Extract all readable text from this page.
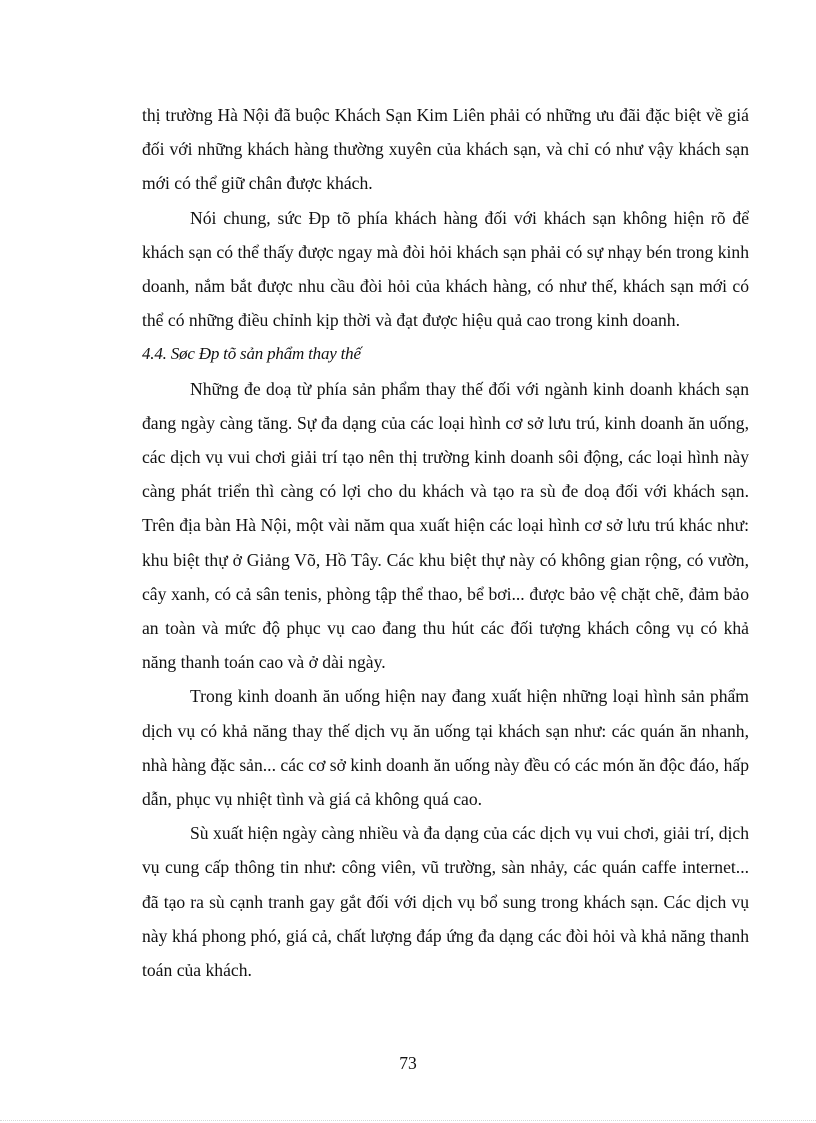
thị trường Hà Nội đã buộc Khách Sạn Kim Liên phải có những ưu đãi đặc biệt về giá đối với những khách hàng thường xuyên của khách sạn, và chỉ có như vậy khách sạn mới có thể giữ chân được khách.

Nói chung, sức Đp tõ phía khách hàng đối với khách sạn không hiện rõ để khách sạn có thể thấy được ngay mà đòi hỏi khách sạn phải có sự nhạy bén trong kinh doanh, nắm bắt được nhu cầu đòi hỏi của khách hàng, có như thế, khách sạn mới có thể có những điều chỉnh kịp thời và đạt được hiệu quả cao trong kinh doanh.

4.4. Søc Ðp tõ sản phẩm thay thế

Những đe doạ từ phía sản phẩm thay thế đối với ngành kinh doanh khách sạn đang ngày càng tăng. Sự đa dạng của các loại hình cơ sở lưu trú, kinh doanh ăn uống, các dịch vụ vui chơi giải trí tạo nên thị trường kinh doanh sôi động, các loại hình này càng phát triển thì càng có lợi cho du khách và tạo ra sù đe doạ đối với khách sạn. Trên địa bàn Hà Nội, một vài năm qua xuất hiện các loại hình cơ sở lưu trú khác như: khu biệt thự ở Giảng Võ, Hồ Tây. Các khu biệt thự này có không gian rộng, có vườn, cây xanh, có cả sân tenis, phòng tập thể thao, bể bơi... được bảo vệ chặt chẽ, đảm bảo an toàn và mức độ phục vụ cao đang thu hút các đối tượng khách công vụ có khả năng thanh toán cao và ở dài ngày.

Trong kinh doanh ăn uống hiện nay đang xuất hiện những loại hình sản phẩm dịch vụ có khả năng thay thế dịch vụ ăn uống tại khách sạn như: các quán ăn nhanh, nhà hàng đặc sản... các cơ sở kinh doanh ăn uống này đều có các món ăn độc đáo, hấp dẫn, phục vụ nhiệt tình và giá cả không quá cao.

Sù xuất hiện ngày càng nhiều và đa dạng của các dịch vụ vui chơi, giải trí, dịch vụ cung cấp thông tin như: công viên, vũ trường, sàn nhảy, các quán caffe internet... đã tạo ra sù cạnh tranh gay gắt đối với dịch vụ bổ sung trong khách sạn. Các dịch vụ này khá phong phó, giá cả, chất lượng đáp ứng đa dạng các đòi hỏi và khả năng thanh toán của khách.

73
